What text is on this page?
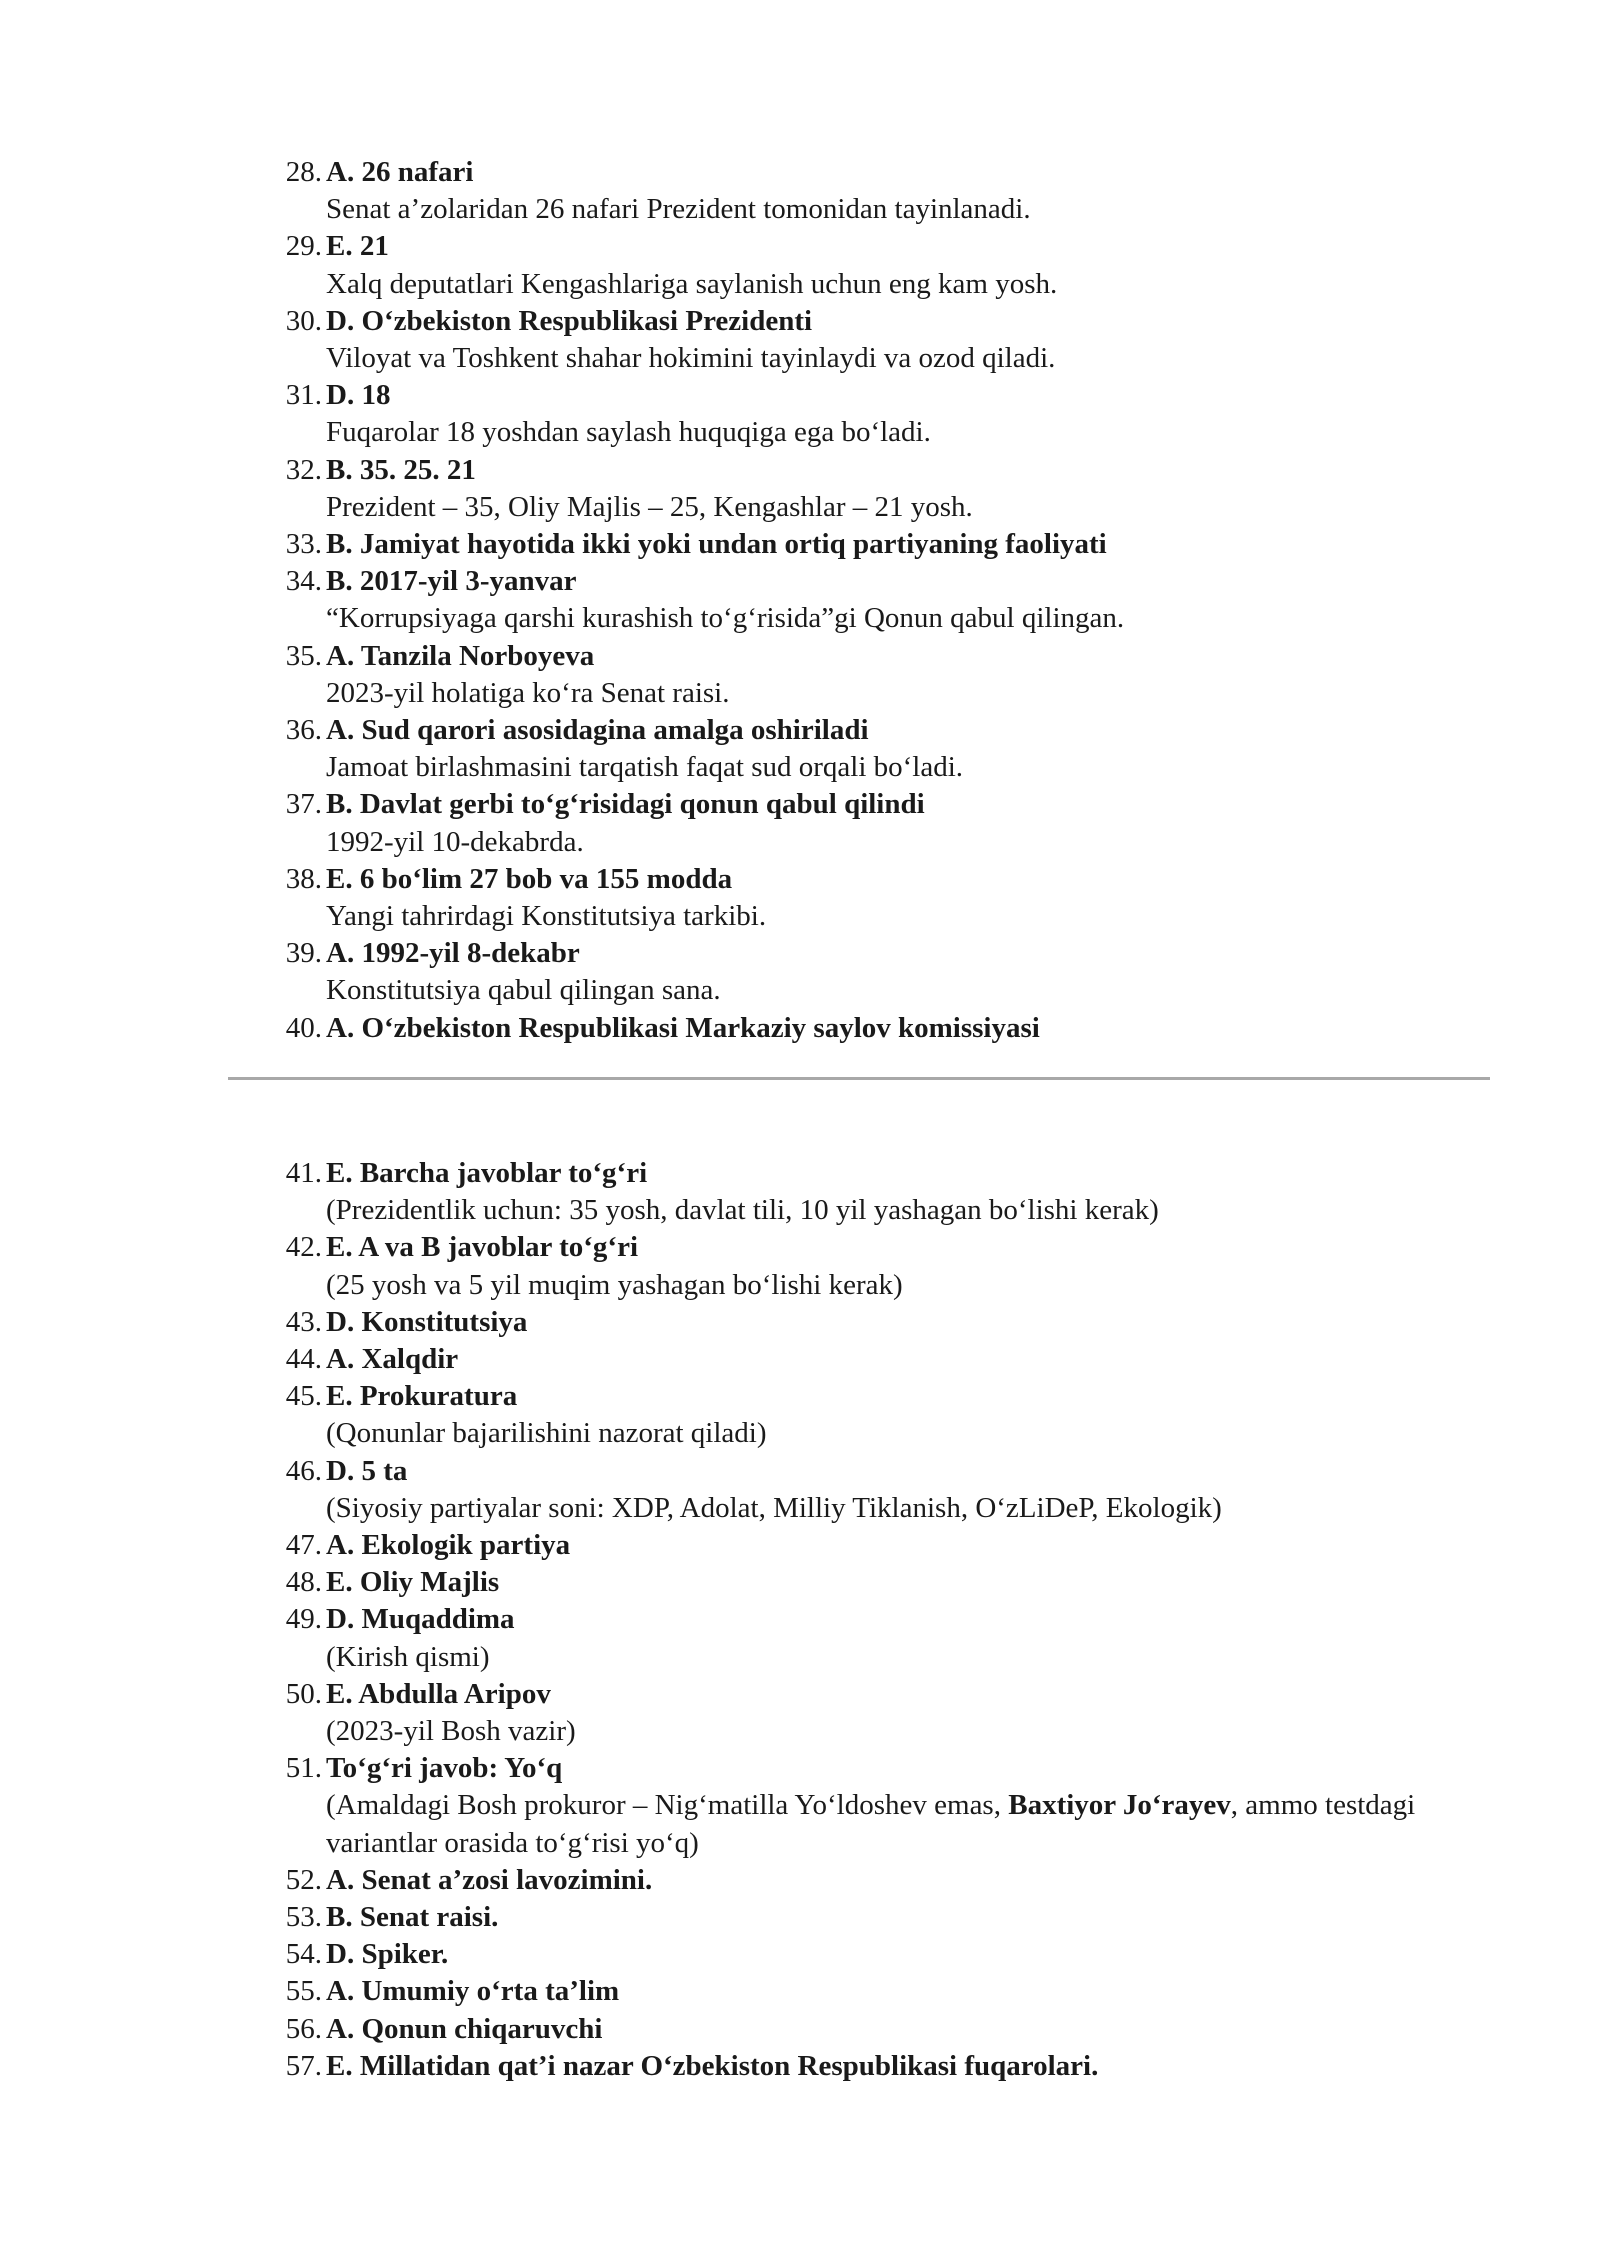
28. A. 26 nafari
Senat a’zolaridan 26 nafari Prezident tomonidan tayinlanadi.
29. E. 21
Xalq deputatlari Kengashlariga saylanish uchun eng kam yosh.
30. D. O‘zbekiston Respublikasi Prezidenti
Viloyat va Toshkent shahar hokimini tayinlaydi va ozod qiladi.
31. D. 18
Fuqarolar 18 yoshdan saylash huquqiga ega bo‘ladi.
32. B. 35. 25. 21
Prezident – 35, Oliy Majlis – 25, Kengashlar – 21 yosh.
33. B. Jamiyat hayotida ikki yoki undan ortiq partiyaning faoliyati
34. B. 2017-yil 3-yanvar
“Korrupsiyaga qarshi kurashish to‘g‘risida”gi Qonun qabul qilingan.
35. A. Tanzila Norboyeva
2023-yil holatiga ko‘ra Senat raisi.
36. A. Sud qarori asosidagina amalga oshiriladi
Jamoat birlashmasini tarqatish faqat sud orqali bo‘ladi.
37. B. Davlat gerbi to‘g‘risidagi qonun qabul qilindi
1992-yil 10-dekabrda.
38. E. 6 bo‘lim 27 bob va 155 modda
Yangi tahrirdagi Konstitutsiya tarkibi.
39. A. 1992-yil 8-dekabr
Konstitutsiya qabul qilingan sana.
40. A. O‘zbekiston Respublikasi Markaziy saylov komissiyasi
41. E. Barcha javoblar to‘g‘ri
(Prezidentlik uchun: 35 yosh, davlat tili, 10 yil yashagan bo‘lishi kerak)
42. E. A va B javoblar to‘g‘ri
(25 yosh va 5 yil muqim yashagan bo‘lishi kerak)
43. D. Konstitutsiya
44. A. Xalqdir
45. E. Prokuratura
(Qonunlar bajarilishini nazorat qiladi)
46. D. 5 ta
(Siyosiy partiyalar soni: XDP, Adolat, Milliy Tiklanish, O‘zLiDeP, Ekologik)
47. A. Ekologik partiya
48. E. Oliy Majlis
49. D. Muqaddima
(Kirish qismi)
50. E. Abdulla Aripov
(2023-yil Bosh vazir)
51. To‘g‘ri javob: Yo‘q
(Amaldagi Bosh prokuror – Nig‘matilla Yo‘ldoshev emas, Baxtiyor Jo‘rayev, ammo testdagi variantlar orasida to‘g‘risi yo‘q)
52. A. Senat a’zosi lavozimini.
53. B. Senat raisi.
54. D. Spiker.
55. A. Umumiy o‘rta ta’lim
56. A. Qonun chiqaruvchi
57. E. Millatidan qat’i nazar O‘zbekiston Respublikasi fuqarolari.
